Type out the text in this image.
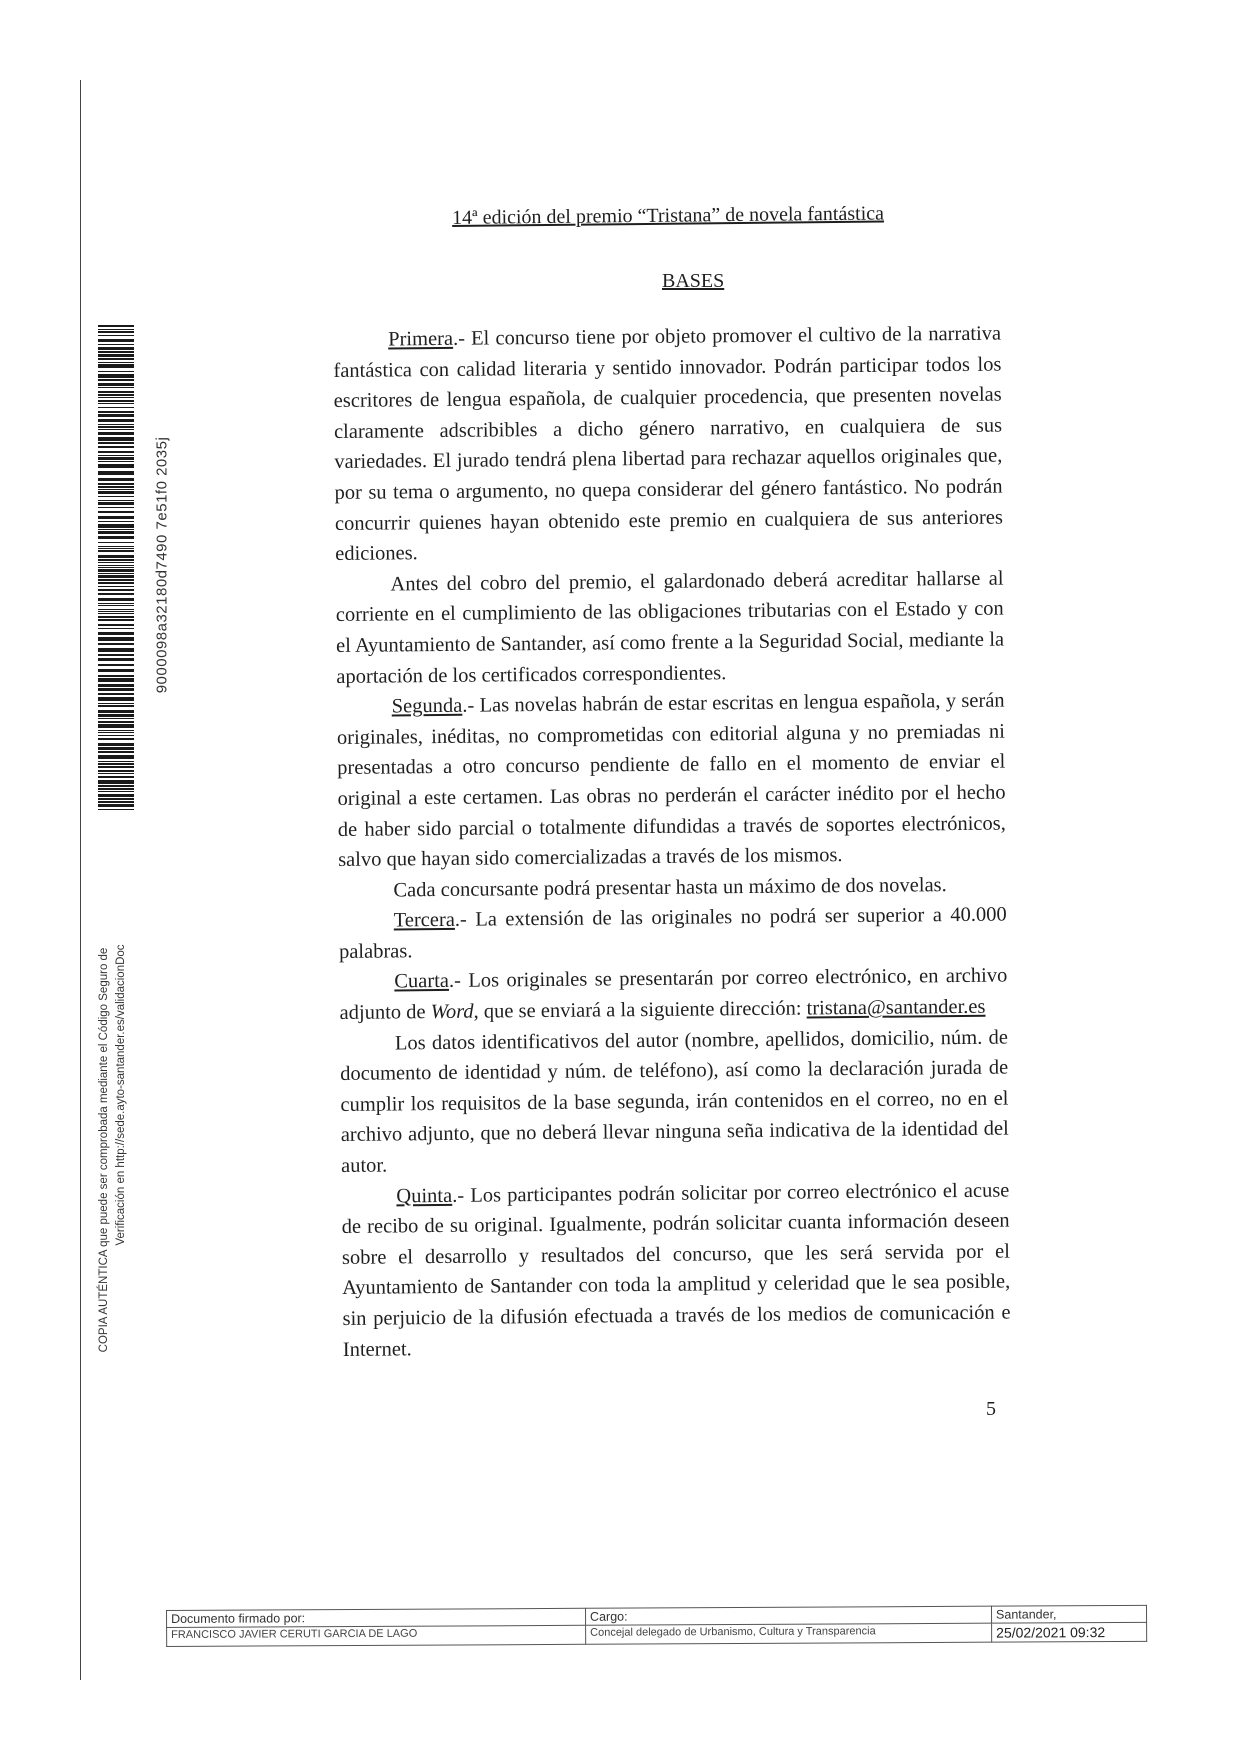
9000098a32180d7490 7e51f0 2035j
COPIA AUTÉNTICA que puede ser comprobada mediante el Código Seguro de Verificación en http://sede.ayto-santander.es/validacionDoc
14ª edición del premio “Tristana” de novela fantástica
BASES

Primera.- El concurso tiene por objeto promover el cultivo de la narrativa fantástica con calidad literaria y sentido innovador. Podrán participar todos los escritores de lengua española, de cualquier procedencia, que presenten novelas claramente adscribibles a dicho género narrativo, en cualquiera de sus variedades. El jurado tendrá plena libertad para rechazar aquellos originales que, por su tema o argumento, no quepa considerar del género fantástico. No podrán concurrir quienes hayan obtenido este premio en cualquiera de sus anteriores ediciones.

Antes del cobro del premio, el galardonado deberá acreditar hallarse al corriente en el cumplimiento de las obligaciones tributarias con el Estado y con el Ayuntamiento de Santander, así como frente a la Seguridad Social, mediante la aportación de los certificados correspondientes.

Segunda.- Las novelas habrán de estar escritas en lengua española, y serán originales, inéditas, no comprometidas con editorial alguna y no premiadas ni presentadas a otro concurso pendiente de fallo en el momento de enviar el original a este certamen. Las obras no perderán el carácter inédito por el hecho de haber sido parcial o totalmente difundidas a través de soportes electrónicos, salvo que hayan sido comercializadas a través de los mismos.

Cada concursante podrá presentar hasta un máximo de dos novelas.

Tercera.- La extensión de las originales no podrá ser superior a 40.000 palabras.

Cuarta.- Los originales se presentarán por correo electrónico, en archivo adjunto de Word, que se enviará a la siguiente dirección: tristana@santander.es

Los datos identificativos del autor (nombre, apellidos, domicilio, núm. de documento de identidad y núm. de teléfono), así como la declaración jurada de cumplir los requisitos de la base segunda, irán contenidos en el correo, no en el archivo adjunto, que no deberá llevar ninguna seña indicativa de la identidad del autor.

Quinta.- Los participantes podrán solicitar por correo electrónico el acuse de recibo de su original. Igualmente, podrán solicitar cuanta información deseen sobre el desarrollo y resultados del concurso, que les será servida por el Ayuntamiento de Santander con toda la amplitud y celeridad que le sea posible, sin perjuicio de la difusión efectuada a través de los medios de comunicación e Internet.

5
Documento firmado por:	Cargo:	Santander,
FRANCISCO JAVIER CERUTI GARCIA DE LAGO	Concejal delegado de Urbanismo, Cultura y Transparencia	25/02/2021 09:32
